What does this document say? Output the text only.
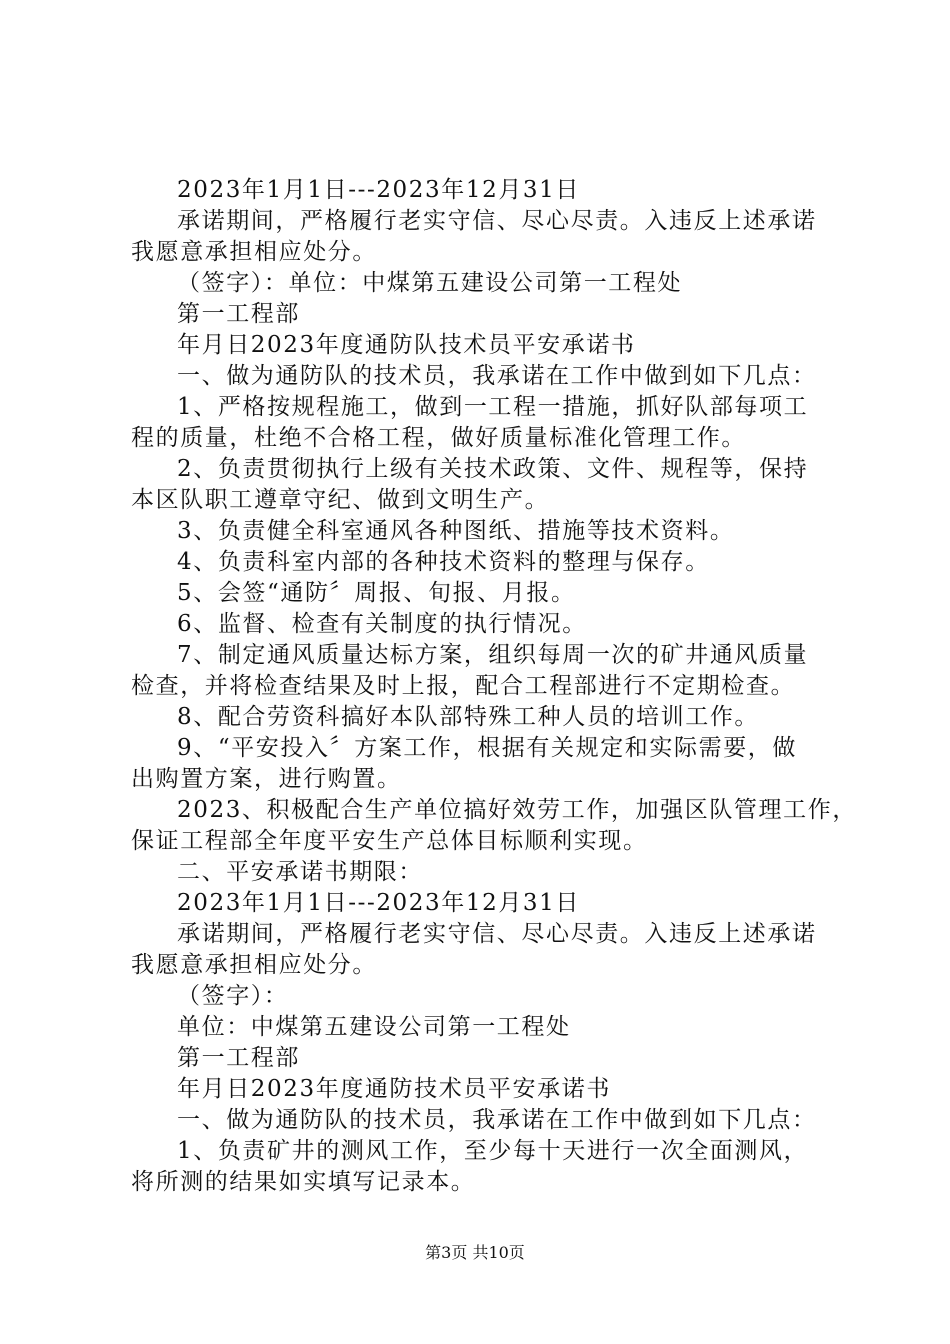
2023年1月1日---2023年12月31日
承诺期间，严格履行老实守信、尽心尽责。入违反上述承诺
我愿意承担相应处分。
（签字）：单位：中煤第五建设公司第一工程处
第一工程部
年月日2023年度通防队技术员平安承诺书
一、做为通防队的技术员，我承诺在工作中做到如下几点：
1、严格按规程施工，做到一工程一措施，抓好队部每项工
程的质量，杜绝不合格工程，做好质量标准化管理工作。
2、负责贯彻执行上级有关技术政策、文件、规程等，保持
本区队职工遵章守纪、做到文明生产。
3、负责健全科室通风各种图纸、措施等技术资料。
4、负责科室内部的各种技术资料的整理与保存。
5、会签“通防〞周报、旬报、月报。
6、监督、检查有关制度的执行情况。
7、制定通风质量达标方案，组织每周一次的矿井通风质量
检查，并将检查结果及时上报，配合工程部进行不定期检查。
8、配合劳资科搞好本队部特殊工种人员的培训工作。
9、“平安投入〞方案工作，根据有关规定和实际需要，做
出购置方案，进行购置。
2023、积极配合生产单位搞好效劳工作，加强区队管理工作，
保证工程部全年度平安生产总体目标顺利实现。
二、平安承诺书期限：
2023年1月1日---2023年12月31日
承诺期间，严格履行老实守信、尽心尽责。入违反上述承诺
我愿意承担相应处分。
（签字）：
单位：中煤第五建设公司第一工程处
第一工程部
年月日2023年度通防技术员平安承诺书
一、做为通防队的技术员，我承诺在工作中做到如下几点：
1、负责矿井的测风工作，至少每十天进行一次全面测风，
将所测的结果如实填写记录本。
第3页 共10页
